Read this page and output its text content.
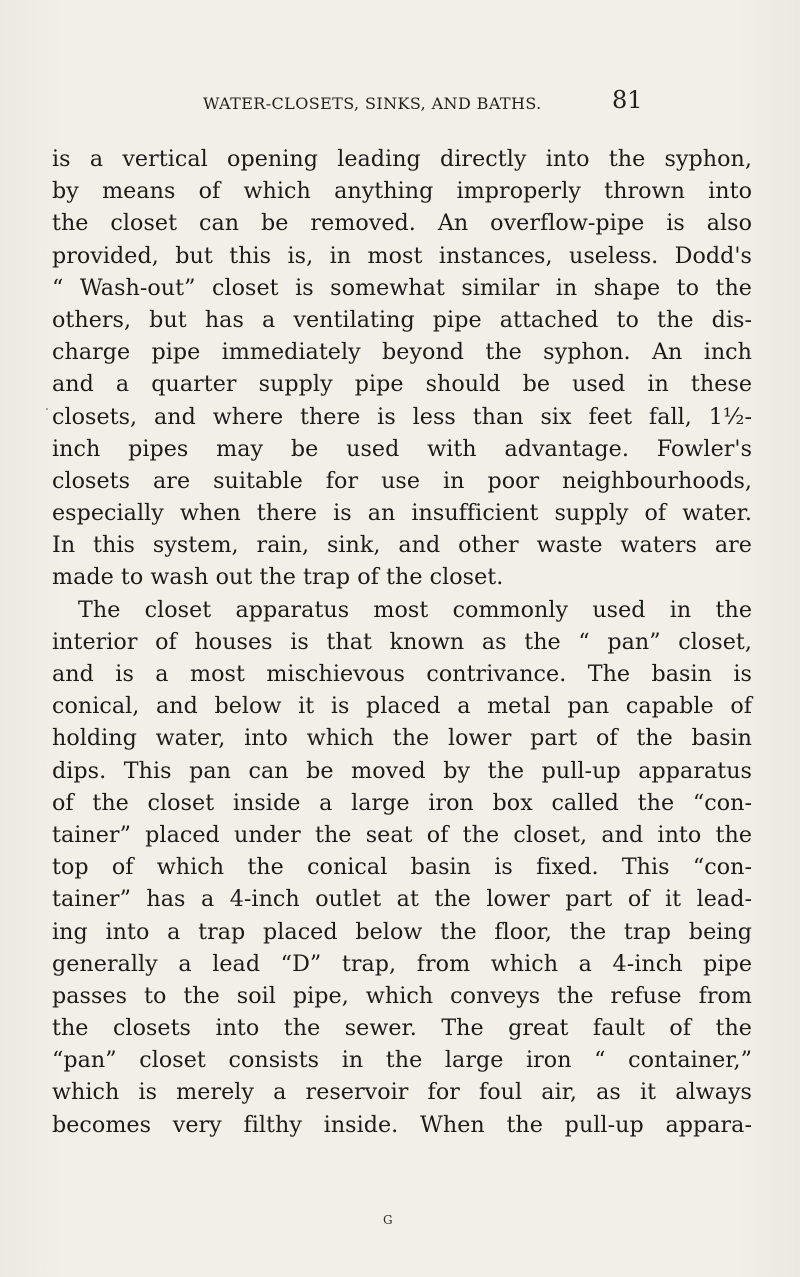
WATER-CLOSETS, SINKS, AND BATHS.	81
is a vertical opening leading directly into the syphon,
by means of which anything improperly thrown into
the closet can be removed. An overflow-pipe is also
provided, but this is, in most instances, useless. Dodd's
“ Wash-out” closet is somewhat similar in shape to the
others, but has a ventilating pipe attached to the dis-
charge pipe immediately beyond the syphon. An inch
and a quarter supply pipe should be used in these
closets, and where there is less than six feet fall, 1½-
inch pipes may be used with advantage. Fowler's
closets are suitable for use in poor neighbourhoods,
especially when there is an insufficient supply of water.
In this system, rain, sink, and other waste waters are
made to wash out the trap of the closet.
The closet apparatus most commonly used in the
interior of houses is that known as the “ pan” closet,
and is a most mischievous contrivance. The basin is
conical, and below it is placed a metal pan capable of
holding water, into which the lower part of the basin
dips. This pan can be moved by the pull-up apparatus
of the closet inside a large iron box called the “con-
tainer” placed under the seat of the closet, and into the
top of which the conical basin is fixed. This “con-
tainer” has a 4-inch outlet at the lower part of it lead-
ing into a trap placed below the floor, the trap being
generally a lead “D” trap, from which a 4-inch pipe
passes to the soil pipe, which conveys the refuse from
the closets into the sewer. The great fault of the
“pan” closet consists in the large iron “ container,”
which is merely a reservoir for foul air, as it always
becomes very filthy inside. When the pull-up appara-
G
